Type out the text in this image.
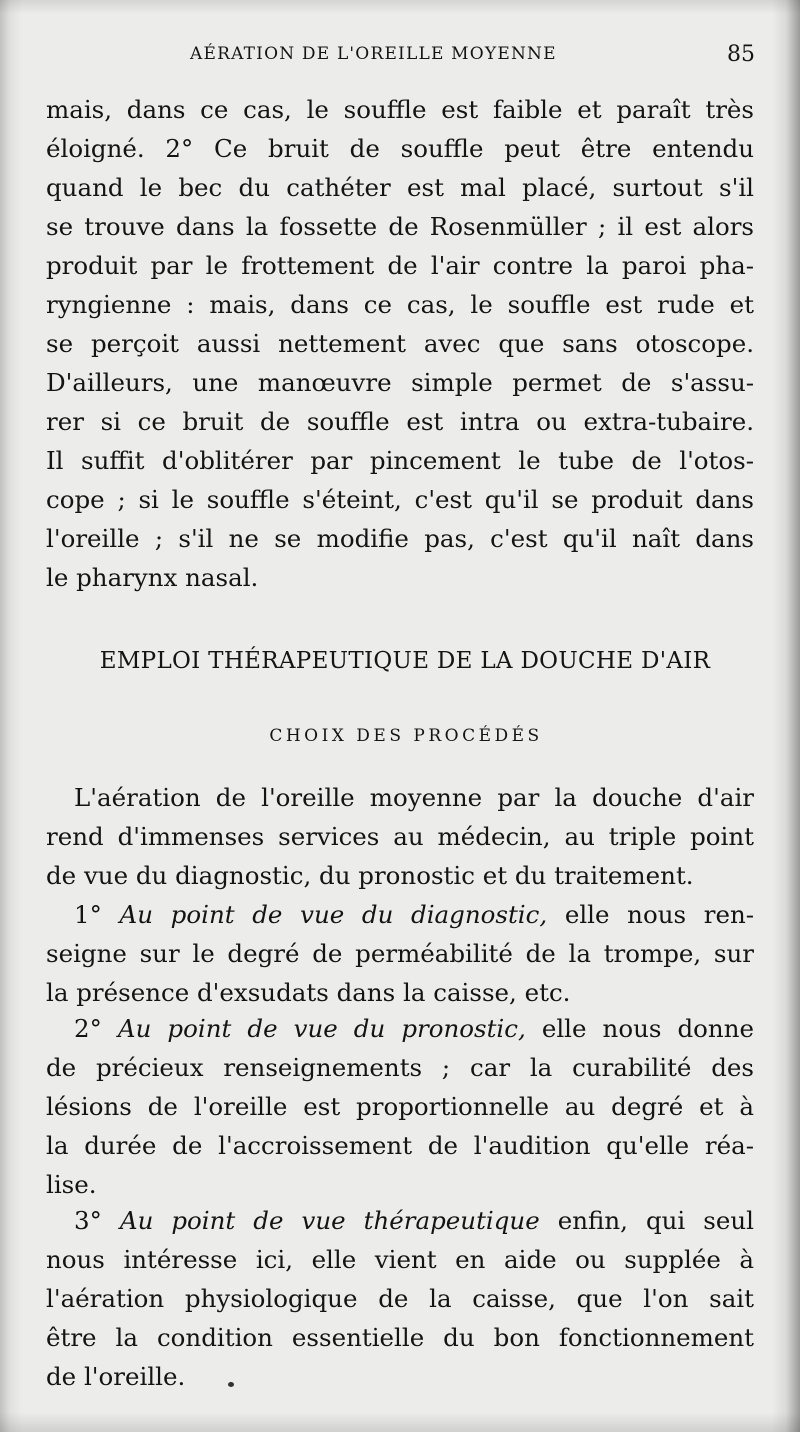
AÉRATION DE L'OREILLE MOYENNE	85
mais, dans ce cas, le souffle est faible et paraît très
éloigné. 2° Ce bruit de souffle peut être entendu
quand le bec du cathéter est mal placé, surtout s'il
se trouve dans la fossette de Rosenmüller ; il est alors
produit par le frottement de l'air contre la paroi pha-
ryngienne : mais, dans ce cas, le souffle est rude et
se perçoit aussi nettement avec que sans otoscope.
D'ailleurs, une manœuvre simple permet de s'assu-
rer si ce bruit de souffle est intra ou extra-tubaire.
Il suffit d'oblitérer par pincement le tube de l'otos-
cope ; si le souffle s'éteint, c'est qu'il se produit dans
l'oreille ; s'il ne se modifie pas, c'est qu'il naît dans
le pharynx nasal.
EMPLOI THÉRAPEUTIQUE DE LA DOUCHE D'AIR
CHOIX DES PROCÉDÉS
L'aération de l'oreille moyenne par la douche d'air
rend d'immenses services au médecin, au triple point
de vue du diagnostic, du pronostic et du traitement.
1° Au point de vue du diagnostic, elle nous ren-
seigne sur le degré de perméabilité de la trompe, sur
la présence d'exsudats dans la caisse, etc.
2° Au point de vue du pronostic, elle nous donne
de précieux renseignements ; car la curabilité des
lésions de l'oreille est proportionnelle au degré et à
la durée de l'accroissement de l'audition qu'elle réa-
lise.
3° Au point de vue thérapeutique enfin, qui seul
nous intéresse ici, elle vient en aide ou supplée à
l'aération physiologique de la caisse, que l'on sait
être la condition essentielle du bon fonctionnement
de l'oreille.
